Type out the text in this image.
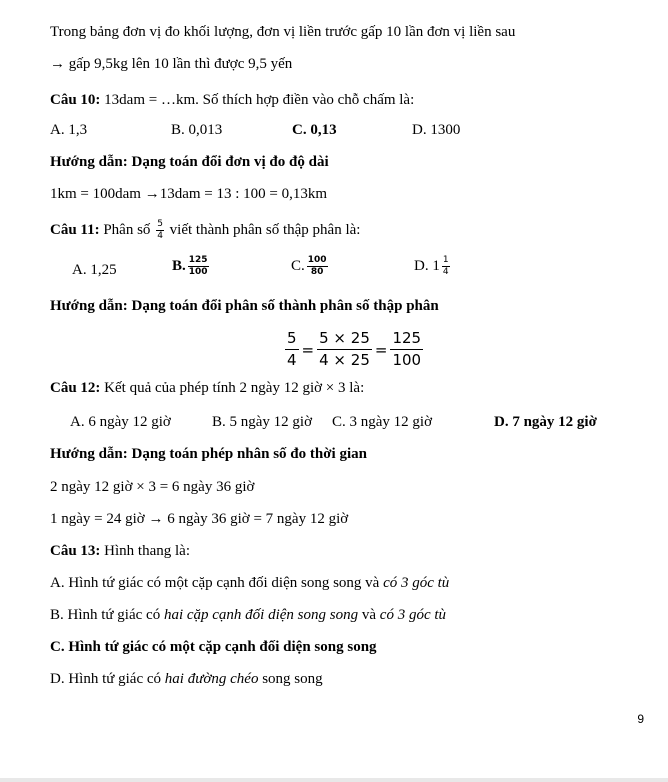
Trong bảng đơn vị đo khối lượng, đơn vị liền trước gấp 10 lần đơn vị liền sau
→ gấp 9,5kg lên 10 lần thì được 9,5 yến
Câu 10: 13dam = …km. Số thích hợp điền vào chỗ chấm là:
A. 1,3	B. 0,013	C. 0,13	D. 1300
Hướng dẫn: Dạng toán đổi đơn vị đo độ dài
1km = 100dam →13dam = 13 : 100 = 0,13km
Câu 11: Phân số $\frac{5}{4}$ viết thành phân số thập phân là:
A. 1,25	B. $\frac{125}{100}$	C. $\frac{100}{80}$	D. $1 \frac{1}{4}$
Hướng dẫn: Dạng toán đổi phân số thành phân số thập phân
$\frac{5}{4} = \frac{5 \times 25}{4 \times 25} = \frac{125}{100}$
Câu 12: Kết quả của phép tính 2 ngày 12 giờ × 3 là:
A. 6 ngày 12 giờ	B. 5 ngày 12 giờ C. 3 ngày 12 giờ	D. 7 ngày 12 giờ
Hướng dẫn: Dạng toán phép nhân số đo thời gian
2 ngày 12 giờ × 3 = 6 ngày 36 giờ
1 ngày = 24 giờ → 6 ngày 36 giờ = 7 ngày 12 giờ
Câu 13: Hình thang là:
A. Hình tứ giác có một cặp cạnh đối diện song song và có 3 góc tù
B. Hình tứ giác có hai cặp cạnh đối diện song song và có 3 góc tù
C. Hình tứ giác có một cặp cạnh đối diện song song
D. Hình tứ giác có hai đường chéo song song
9
